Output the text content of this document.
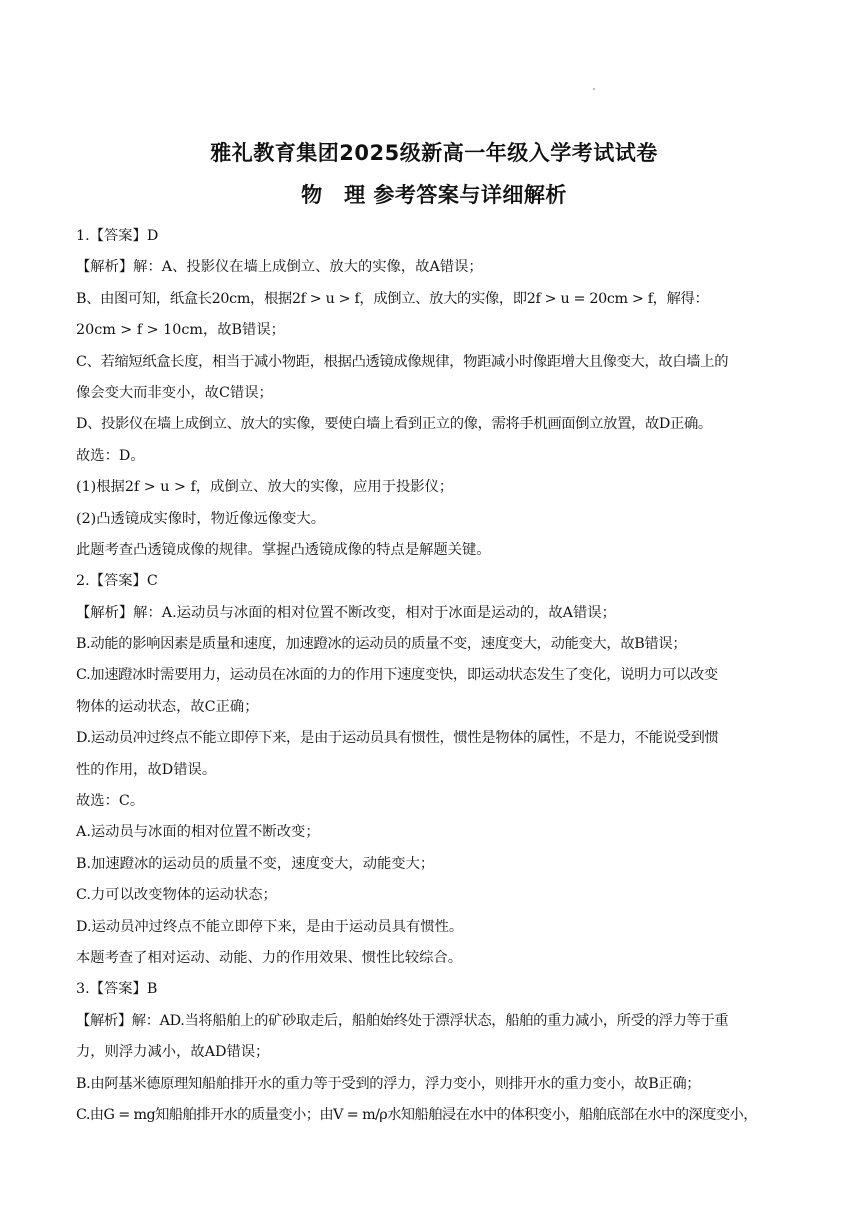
雅礼教育集团2025级新高一年级入学考试试卷
物　理 参考答案与详细解析
1.【答案】D
【解析】解：A、投影仪在墙上成倒立、放大的实像，故A错误；
B、由图可知，纸盒长20cm，根据2f > u > f，成倒立、放大的实像，即2f > u = 20cm > f，解得：
20cm > f > 10cm，故B错误；
C、若缩短纸盒长度，相当于减小物距，根据凸透镜成像规律，物距减小时像距增大且像变大，故白墙上的
像会变大而非变小，故C错误；
D、投影仪在墙上成倒立、放大的实像，要使白墙上看到正立的像，需将手机画面倒立放置，故D正确。
故选：D。
(1)根据2f > u > f，成倒立、放大的实像，应用于投影仪；
(2)凸透镜成实像时，物近像远像变大。
此题考查凸透镜成像的规律。掌握凸透镜成像的特点是解题关键。
2.【答案】C
【解析】解：A.运动员与冰面的相对位置不断改变，相对于冰面是运动的，故A错误；
B.动能的影响因素是质量和速度，加速蹬冰的运动员的质量不变，速度变大，动能变大，故B错误；
C.加速蹬冰时需要用力，运动员在冰面的力的作用下速度变快，即运动状态发生了变化，说明力可以改变
物体的运动状态，故C正确；
D.运动员冲过终点不能立即停下来，是由于运动员具有惯性，惯性是物体的属性，不是力，不能说受到惯
性的作用，故D错误。
故选：C。
A.运动员与冰面的相对位置不断改变；
B.加速蹬冰的运动员的质量不变，速度变大，动能变大；
C.力可以改变物体的运动状态；
D.运动员冲过终点不能立即停下来，是由于运动员具有惯性。
本题考查了相对运动、动能、力的作用效果、惯性比较综合。
3.【答案】B
【解析】解：AD.当将船舶上的矿砂取走后，船舶始终处于漂浮状态，船舶的重力减小，所受的浮力等于重
力，则浮力减小，故AD错误；
B.由阿基米德原理知船舶排开水的重力等于受到的浮力，浮力变小，则排开水的重力变小，故B正确；
C.由G = mg知船舶排开水的质量变小；由V = m/ρ水知船舶浸在水中的体积变小，船舶底部在水中的深度变小，
